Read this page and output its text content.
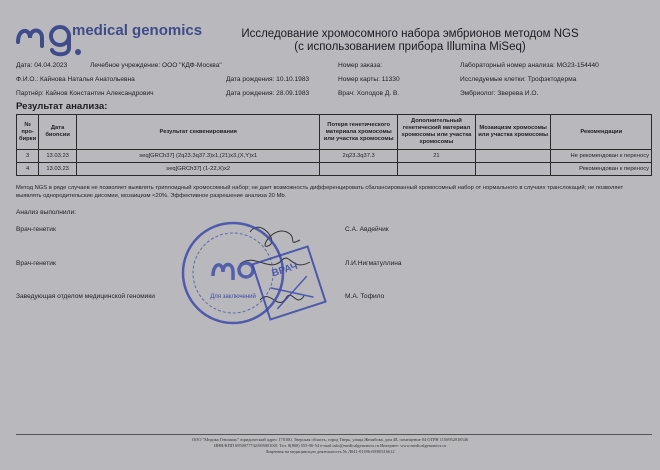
medical genomics	Исследование хромосомного набора эмбрионов методом NGS
(с использованием прибора Illumina MiSeq)
Дата: 04.04.2023	Лечебное учреждение: ООО "КДФ-Москва"	Номер заказа:	Лабораторный номер анализа: MG23-154440
Ф.И.О.: Кайнова Наталья Анатольевна	Дата рождения: 10.10.1983	Номер карты: 11330	Исследуемые клетки: Трофэктодерма
Партнёр: Кайнов Константин Александрович	Дата рождения: 28.09.1983	Врач: Холодов Д. В.	Эмбриолог: Зверева И.О.
Результат анализа:
№ про-бирки	Дата биопсии	Результат секвенирования	Потеря генетического материала хромосомы или участка хромосомы	Дополнительный генетический материал хромосомы или участка хромосомы	Мозаицизм хромосомы или участка хромосомы	Рекомендации
3	13.03.23	seq[GRCh37] (2q23.3q37.3)x1,(21)x3,(X,Y)x1	2q23.3q37.3	21		Не рекомендован к переносу
4	13.03.23	seq[GRCh37] (1-22,X)x2				Рекомендован к переносу
Метод NGS в ряде случаев не позволяет выявлять триплоидный хромосомный набор; не дает возможность дифференцировать сбалансированный хромосомный набор от нормального в случаях транслокаций; не позволяет выявлять однородительские дисомии, мозаицизм <20%. Эффективное разрешение анализа 20 Mb.
Анализ выполнили:
Врач-генетик	С.А. Авдейчик
Врач-генетик	Л.И.Нигматуллина
Заведующая отделом медицинской геномики	М.А. Тофило
Для заключений
ВРАЧ
ООО "Медика Геномикс" юридический адрес 170100, Тверская область, город Тверь, улица Желябова, дом 48, помещение 04 ОГРН 1156952018546
ИНН/КПП 6950077742/695001001 Тел. 8(800) 555-06-54 e-mail info@medicalgenomics.ru Интернет: www.medicalgenomics.ru
Лицензия на медицинскую деятельность № Л041-01186-69/00316612
